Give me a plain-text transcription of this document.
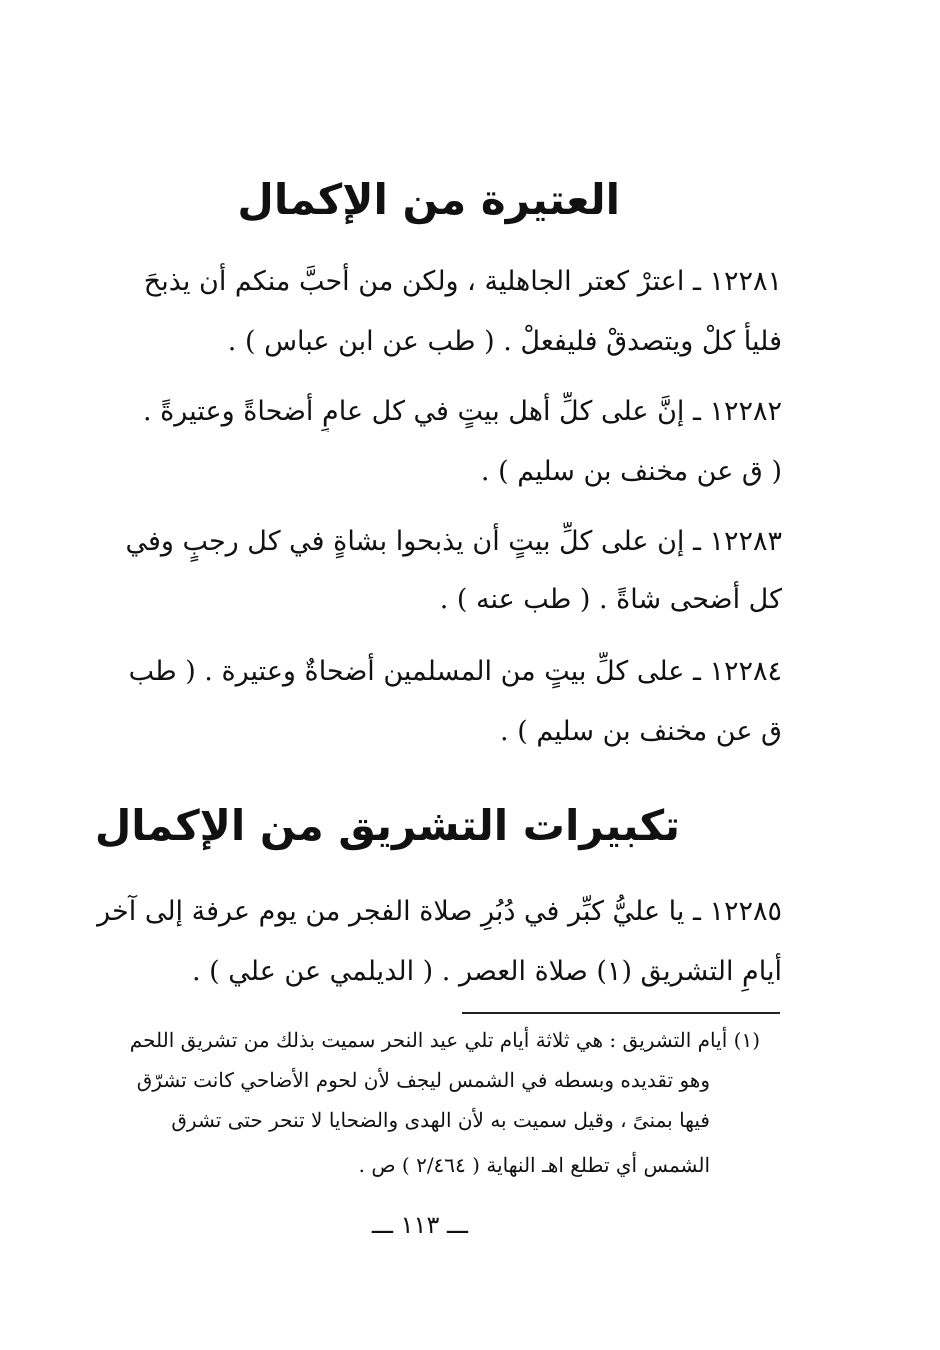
العتيرة من الإكمال
١٢٢٨١ ـ اعترْ كعتر الجاهلية ، ولكن من أحبَّ منكم أن يذبحَ
فليأ كلْ ويتصدقْ فليفعلْ . ( طب عن ابن عباس ) .
١٢٢٨٢ ـ إنَّ على كلِّ أهل بيتٍ في كل عامٍ أُضحاةً وعتيرةً .
( ق عن مخنف بن سليم ) .
١٢٢٨٣ ـ إن على كلِّ بيتٍ أن يذبحوا بشاةٍ في كل رجبٍ وفي
كل أَضحى شاةً . ( طب عنه ) .
١٢٢٨٤ ـ على كلِّ بيتٍ من المسلمين أضحاةٌ وعتيرة . ( طب
ق عن مخنف بن سليم ) .
تكبيرات التشريق من الإكمال
١٢٢٨٥ ـ يا عليُّ كبِّر في دُبُرِ صلاة الفجر من يوم عرفة إلى آخر
أيامِ التشريق (١) صلاة العصر . ( الديلمي عن علي ) .
(١) أيام التشريق : هي ثلاثة أيام تلي عيد النحر سميت بذلك من تشريق اللحم
وهو تقديده وبسطه في الشمس ليجف لأن لحوم الأضاحي كانت تشرّق
فيها بمنىً ، وقيل سميت به لأن الهدى والضحايا لا تنحر حتى تشرق
الشمس أي تطلع اهـ النهاية ( ٢/٤٦٤ ) ص .
ـــ ١١٣ ـــ
